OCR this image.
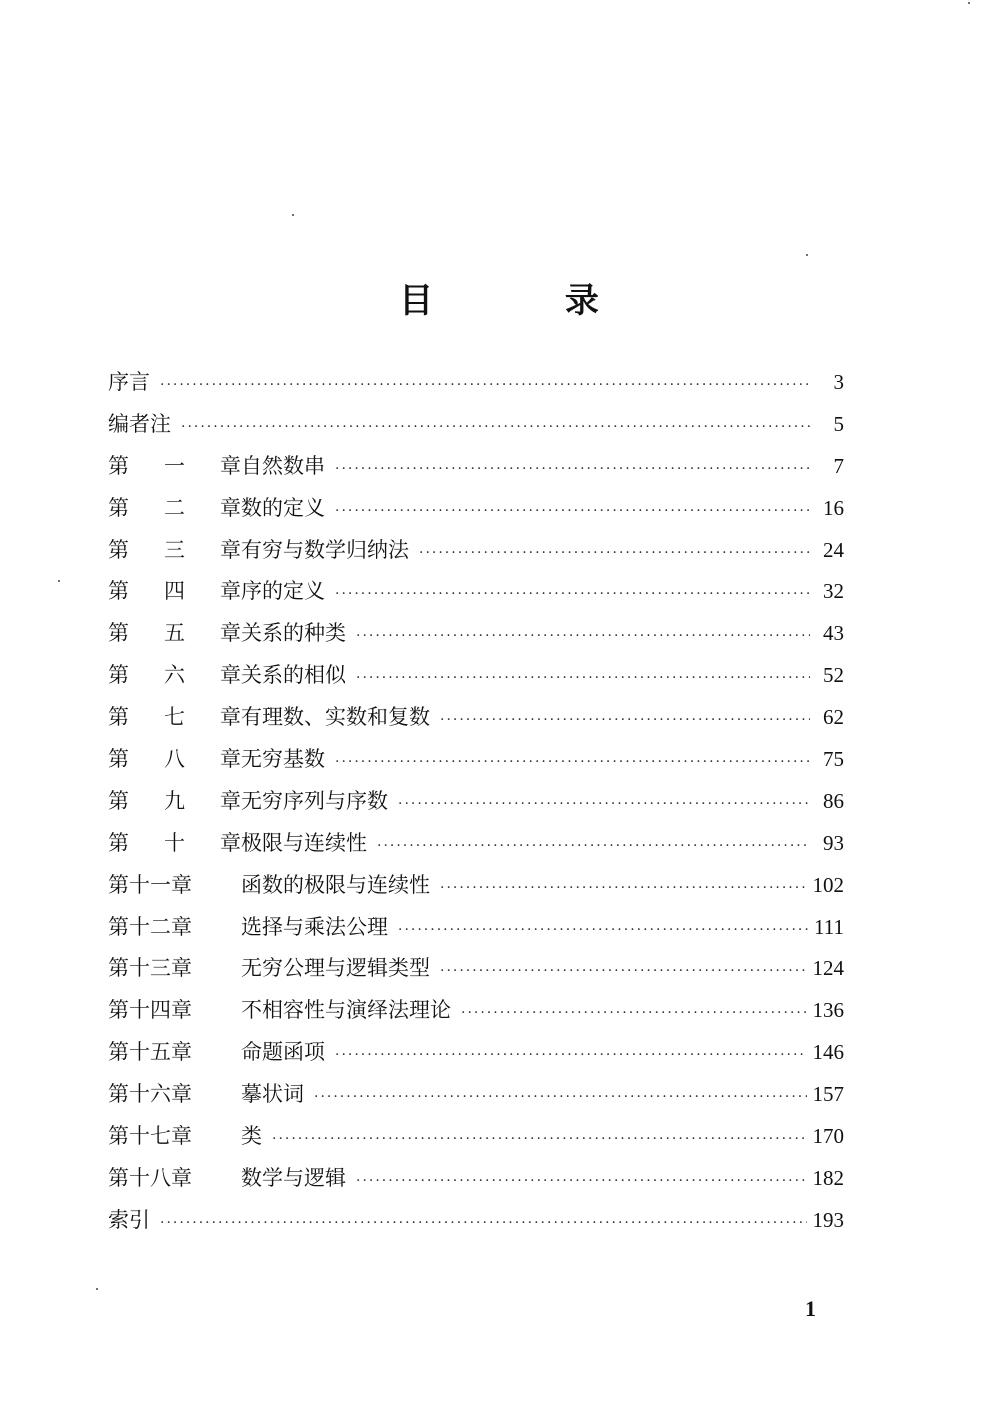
目 录
序言 ·····	3
编者注 ·····	5
第一章 自然数串 ·····	7
第二章 数的定义 ·····	16
第三章 有穷与数学归纳法 ·····	24
第四章 序的定义 ·····	32
第五章 关系的种类 ·····	43
第六章 关系的相似 ·····	52
第七章 有理数、实数和复数 ·····	62
第八章 无穷基数 ·····	75
第九章 无穷序列与序数 ·····	86
第十章 极限与连续性 ·····	93
第十一章	函数的极限与连续性 ·····	102
第十二章	选择与乘法公理 ·····	111
第十三章	无穷公理与逻辑类型 ·····	124
第十四章	不相容性与演绎法理论 ·····	136
第十五章	命题函项 ·····	146
第十六章	摹状词 ·····	157
第十七章	类 ·····	170
第十八章	数学与逻辑 ·····	182
索引 ·····	193
1
